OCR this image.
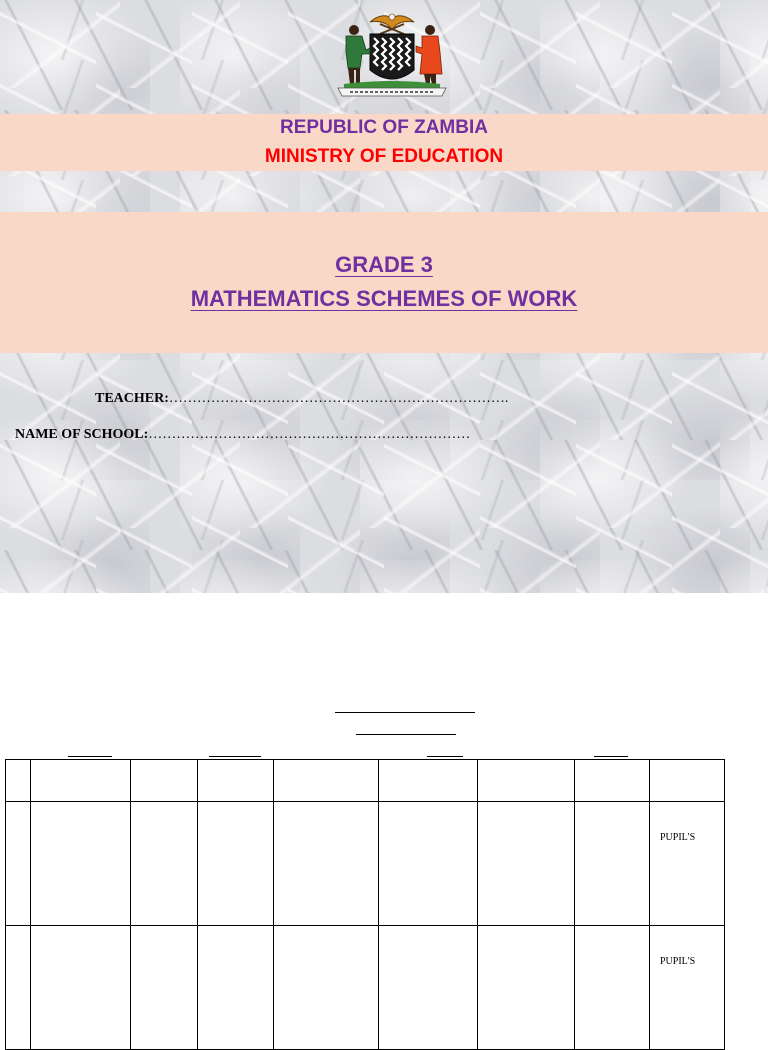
REPUBLIC OF ZAMBIA
MINISTRY OF EDUCATION
GRADE 3
MATHEMATICS SCHEMES OF WORK
TEACHER:……………………………………………………………….
NAME OF SCHOOL:……………………………………………………………

								PUPIL'S

								PUPIL'S
